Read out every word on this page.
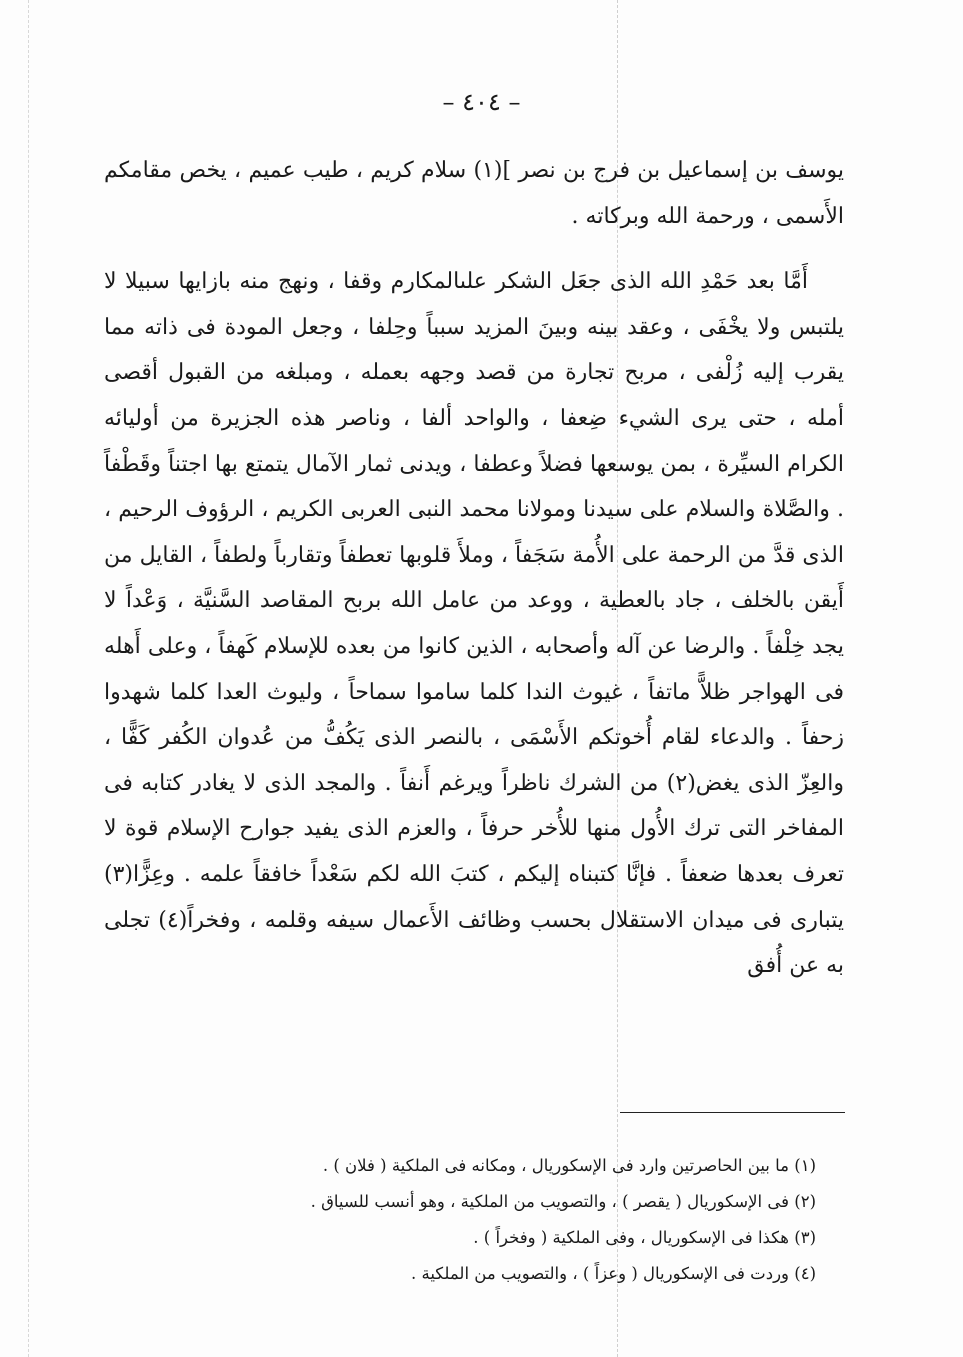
– ٤٠٤ –

يوسف بن إسماعيل بن فرج بن نصر ](١) سلام كريم ، طيب عميم ، يخص مقامكم الأَسمى ، ورحمة الله وبركاته .

أَمَّا بعد حَمْدِ الله الذى جعَل الشكر علىالمكارم وقفا ، ونهج منه بازايها سبيلا لا يلتبس ولا يخْفَى ، وعقد بينه وبينَ المزيد سبباً وحِلفا ، وجعل المودة فى ذاته مما يقرب إليه زُلْفى ، مربح تجارة من قصد وجهه بعمله ، ومبلغه من القبول أقصى أمله ، حتى يرى الشيء ضِعفا ، والواحد ألفا ، وناصر هذه الجزيرة من أوليائه الكرام السيِّرة ، بمن يوسعها فضلاً وعطفا ، ويدنى ثمار الآمال يتمتع بها اجتناً وقَطْفاً . والصَّلاة والسلام على سيدنا ومولانا محمد النبى العربى الكريم ، الرؤوف الرحيم ، الذى قدَّ من الرحمة على الأُمة سَجَفاً ، وملأَ قلوبها تعطفاً وتقارباً ولطفاً ، القايل من أَيقن بالخلف ، جاد بالعطية ، ووعد من عامل الله بربح المقاصد السَّنيَّة ، وَعْداً لا يجد خِلْفاً . والرضا عن آله وأصحابه ، الذين كانوا من بعده للإسلام كَهفاً ، وعلى أَهله فى الهواجر ظلاًّ ماتفاً ، غيوث الندا كلما ساموا سماحاً ، وليوث العدا كلما شهدوا زحفاً . والدعاء لقام أُخوتكم الأَسْمَى ، بالنصر الذى يَكُفُّ من عُدوان الكُفر كَفًّا ، والعِزّ الذى يغض(٢) من الشرك ناظراً ويرغم أَنفاً . والمجد الذى لا يغادر كتابه فى المفاخر التى ترك الأُول منها للأُخر حرفاً ، والعزم الذى يفيد جوارح الإسلام قوة لا تعرف بعدها ضعفاً . فإنَّا كتبناه إليكم ، كتبَ الله لكم سَعْداً خافقاً علمه . وعِزًّا(٣) يتبارى فى ميدان الاستقلال بحسب وظائف الأَعمال سيفه وقلمه ، وفخراً(٤) تجلى به عن أُفق

(١) ما بين الحاصرتين وارد فى الإسكوريال ، ومكانه فى الملكية ( فلان ) .

(٢) فى الإسكوريال ( يقصر ) ، والتصويب من الملكية ، وهو أنسب للسياق .

(٣) هكذا فى الإسكوريال ، وفى الملكية ( وفخراً ) .

(٤) وردت فى الإسكوريال ( وعزاً ) ، والتصويب من الملكية .
